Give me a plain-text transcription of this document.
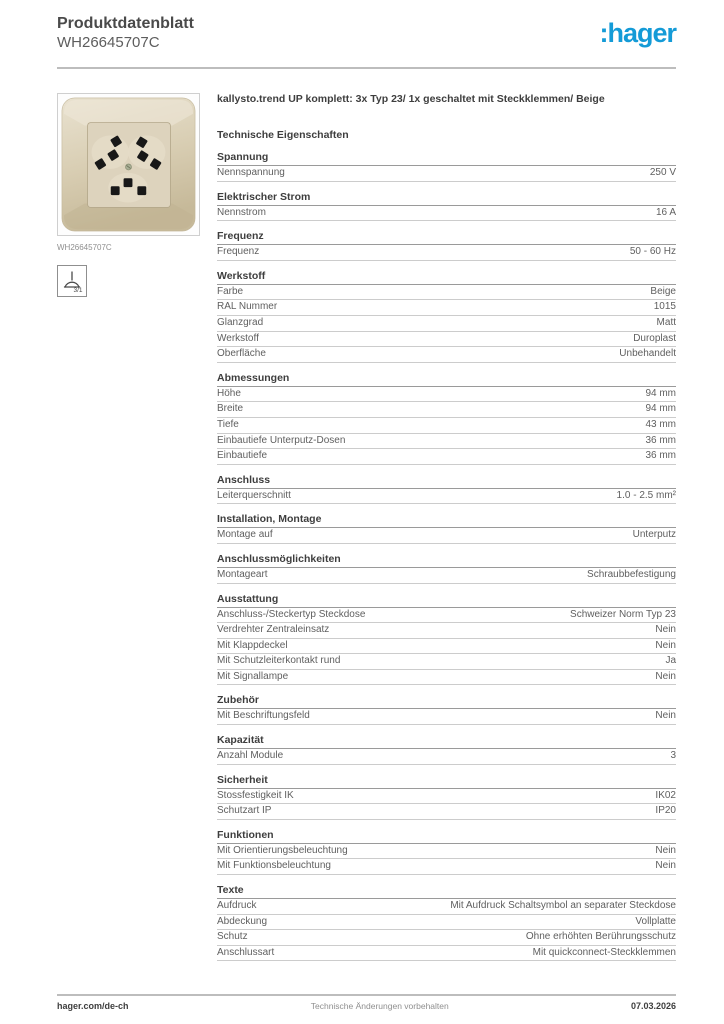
Produktdatenblatt
WH26645707C	:hager
WH26645707C
3/1
kallysto.trend UP komplett: 3x Typ 23/ 1x geschaltet mit Steckklemmen/ Beige
Technische Eigenschaften
Spannung
Nennspannung	250 V
Elektrischer Strom
Nennstrom	16 A
Frequenz
Frequenz	50 - 60 Hz
Werkstoff
Farbe	Beige
RAL Nummer	1015
Glanzgrad	Matt
Werkstoff	Duroplast
Oberfläche	Unbehandelt
Abmessungen
Höhe	94 mm
Breite	94 mm
Tiefe	43 mm
Einbautiefe Unterputz-Dosen	36 mm
Einbautiefe	36 mm
Anschluss
Leiterquerschnitt	1.0 - 2.5 mm²
Installation, Montage
Montage auf	Unterputz
Anschlussmöglichkeiten
Montageart	Schraubbefestigung
Ausstattung
Anschluss-/Steckertyp Steckdose	Schweizer Norm Typ 23
Verdrehter Zentraleinsatz	Nein
Mit Klappdeckel	Nein
Mit Schutzleiterkontakt rund	Ja
Mit Signallampe	Nein
Zubehör
Mit Beschriftungsfeld	Nein
Kapazität
Anzahl Module	3
Sicherheit
Stossfestigkeit IK	IK02
Schutzart IP	IP20
Funktionen
Mit Orientierungsbeleuchtung	Nein
Mit Funktionsbeleuchtung	Nein
Texte
Aufdruck	Mit Aufdruck Schaltsymbol an separater Steckdose
Abdeckung	Vollplatte
Schutz	Ohne erhöhten Berührungsschutz
Anschlussart	Mit quickconnect-Steckklemmen
hager.com/de-ch	Technische Änderungen vorbehalten	07.03.2026
